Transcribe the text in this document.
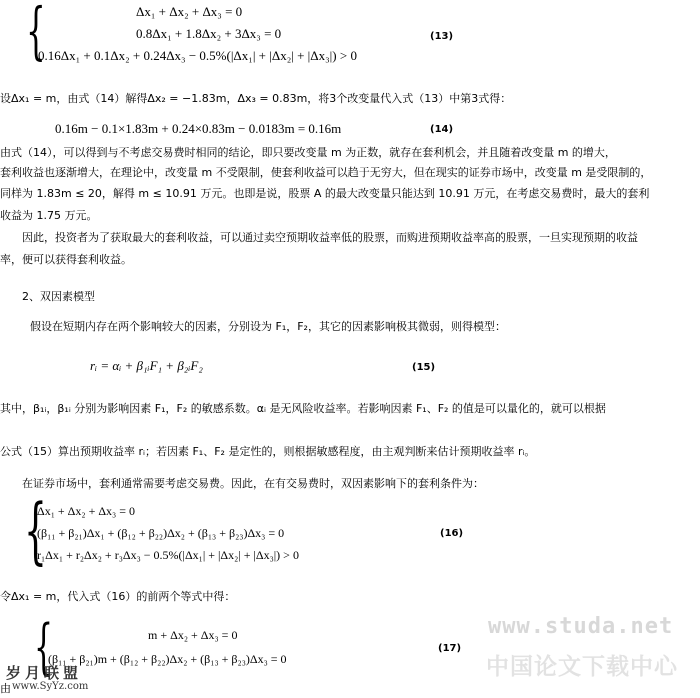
{	Δx₁ + Δx₂ + Δx₃ = 0
0.8Δx₁ + 1.8Δx₂ + 3Δx₃ = 0
0.16Δx₁ + 0.1Δx₂ + 0.24Δx₃ − 0.5%(|Δx₁| + |Δx₂| + |Δx₃|) > 0
(13)
设Δx₁ = m，由式（14）解得Δx₂ = −1.83m，Δx₃ = 0.83m，将3个改变量代入式（13）中第3式得：
0.16m − 0.1×1.83m + 0.24×0.83m − 0.0183m = 0.16m	(14)
由式（14），可以得到与不考虑交易费时相同的结论，即只要改变量 m 为正数，就存在套利机会，并且随着改变量 m 的增大，
套利收益也逐渐增大，在理论中，改变量 m 不受限制，使套利收益可以趋于无穷大，但在现实的证券市场中，改变量 m 是受限制的，
同样为 1.83m ≤ 20，解得 m ≤ 10.91 万元。也即是说，股票 A 的最大改变量只能达到 10.91 万元，在考虑交易费时，最大的套利
收益为 1.75 万元。
因此，投资者为了获取最大的套利收益，可以通过卖空预期收益率低的股票，而购进预期收益率高的股票，一旦实现预期的收益
率，便可以获得套利收益。
2、双因素模型
假设在短期内存在两个影响较大的因素，分别设为 F₁，F₂，其它的因素影响极其微弱，则得模型：
rᵢ = αᵢ + β₁ᵢF₁ + β₂ᵢF₂	(15)
其中，β₁ᵢ，β₁ᵢ 分别为影响因素 F₁，F₂ 的敏感系数。αᵢ 是无风险收益率。若影响因素 F₁、F₂ 的值是可以量化的，就可以根据
公式（15）算出预期收益率 rᵢ；若因素 F₁、F₂ 是定性的，则根据敏感程度，由主观判断来估计预期收益率 rᵢ。
在证券市场中，套利通常需要考虑交易费。因此，在有交易费时，双因素影响下的套利条件为：
{
Δx₁ + Δx₂ + Δx₃ = 0
(β₁₁ + β₂₁)Δx₁ + (β₁₂ + β₂₂)Δx₂ + (β₁₃ + β₂₃)Δx₃ = 0
r₁Δx₁ + r₂Δx₂ + r₃Δx₃ − 0.5%(|Δx₁| + |Δx₂| + |Δx₃|) > 0
(16)
令Δx₁ = m，代入式（16）的前两个等式中得：
{	m + Δx₂ + Δx₃ = 0
(β₁₁ + β₂₁)m + (β₁₂ + β₂₂)Δx₂ + (β₁₃ + β₂₃)Δx₃ = 0
(17)
www.studa.net
中国论文下载中心
岁月联盟
www.SyYz.com
由
